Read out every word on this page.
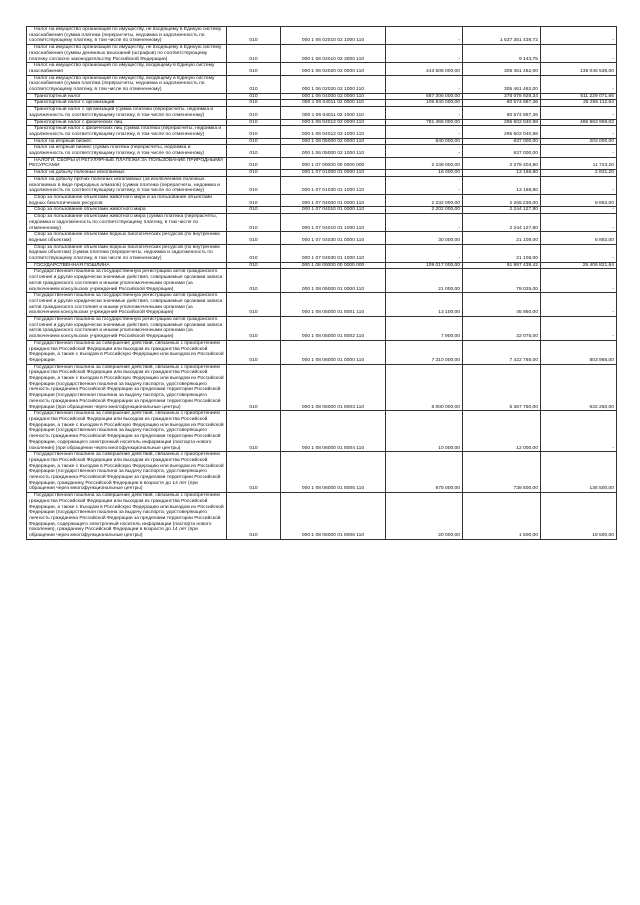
Налог на имущество организаций по имуществу, не входящему в Единую систему газоснабжения (сумма платежа (перерасчеты, недоимка и задолженность по соответствующему платежу, в том числе по отмененному)	010	000 1 06 02010 02 1000 110	-	1 537 351 438,72	-
Налог на имущество организаций по имуществу, не входящему в Единую систему газоснабжения (суммы денежных взысканий (штрафов) по соответствующему платежу согласно законодательству Российской Федерации)	010	000 1 06 02010 02 3000 110	-	9 143,75	-
Налог на имущество организаций по имуществу, входящему в Единую систему газоснабжения	010	000 1 06 02020 02 0000 110	443 508 000,00	305 461 462,00	138 046 538,00
Налог на имущество организаций по имуществу, входящему в Единую систему газоснабжения (сумма платежа (перерасчеты, недоимка и задолженность по соответствующему платежу, в том числе по отмененному)	010	000 1 06 02020 02 1000 110	-	305 461 462,00	-
Транспортный налог	010	000 1 06 04000 02 0000 110	887 306 000,00	376 076 928,34	511 229 071,66
Транспортный налог с организаций	010	000 1 06 04011 02 0000 110	105 840 000,00	80 574 887,36	25 265 112,64
Транспортный налог с организаций (сумма платежа (перерасчеты, недоимка и задолженность по соответствующему платежу, в том числе по отмененному)	010	000 1 06 04011 02 1000 110	-	80 574 887,36	-
Транспортный налог с физических лиц	010	000 1 06 04012 02 0000 110	781 466 000,00	295 502 040,98	485 963 959,02
Транспортный налог с физических лиц (сумма платежа (перерасчеты, недоимка и задолженность по соответствующему платежу, в том числе по отмененному)	010	000 1 06 04012 02 1000 110	-	295 502 040,98	-
Налог на игорный бизнес	010	000 1 06 05000 02 0000 110	840 000,00	637 000,00	203 000,00
Налог на игорный бизнес (сумма платежа (перерасчеты, недоимка и задолженность по соответствующему платежу, в том числе по отмененному)	010	000 1 06 05000 02 1000 110	-	637 000,00	-
НАЛОГИ, СБОРЫ И РЕГУЛЯРНЫЕ ПЛАТЕЖИ ЗА ПОЛЬЗОВАНИЕ ПРИРОДНЫМИ РЕСУРСАМИ	010	000 1 07 00000 00 0000 000	2 248 000,00	2 278 404,80	11 723,20
Налог на добычу полезных ископаемых	010	000 1 07 01000 01 0000 110	16 000,00	13 168,80	2 831,20
Налог на добычу прочих полезных ископаемых (за исключением полезных ископаемых в виде природных алмазов) (сумма платежа (перерасчеты, недоимка и задолженность по соответствующему платежу, в том числе по отмененному)	010	000 1 07 01030 01 1000 110	-	13 168,80	-
Сбор за пользование объектами животного мира и за пользование объектами водных биологических ресурсов	010	000 1 07 04000 01 0000 110	2 232 000,00	2 265 236,00	8 892,00
Сбор за пользование объектами животного мира	010	000 1 07 04010 01 0000 110	2 202 000,00	2 244 127,80	-
Сбор за пользование объектами животного мира (сумма платежа (перерасчеты, недоимка и задолженность по соответствующему платежу, в том числе по отмененному)	010	000 1 07 04010 01 1000 110	-	2 244 127,80	-
Сбор за пользование объектами водных биологических ресурсов (по внутренним водным объектам)	010	000 1 07 04030 01 0000 110	30 000,00	21 108,00	8 892,00
Сбор за пользование объектами водных биологических ресурсов (по внутренним водным объектам) (сумма платежа (перерасчеты, недоимка и задолженность по соответствующему платежу, в том числе по отмененному)	010	000 1 07 04030 01 1000 110	-	21 108,00	-
ГОСУДАРСТВЕННАЯ ПОШЛИНА	010	000 1 08 00000 00 0000 000	109 017 000,00	91 957 439,42	25 406 821,84
Государственная пошлина за государственную регистрацию актов гражданского состояния и другие юридически значимые действия, совершаемые органами записи актов гражданского состояния и иными уполномоченными органами (за исключением консульских учреждений Российской Федерации)	010	000 1 08 05000 01 0000 110	21 000,00	78 025,00	-
Государственная пошлина за государственную регистрацию актов гражданского состояния и другие юридически значимые действия, совершаемые органами записи актов гражданского состояния и иными уполномоченными органами (за исключением консульских учреждений Российской Федерации)	010	000 1 08 05000 01 8001 110	13 100,00	45 950,00	-
Государственная пошлина за государственную регистрацию актов гражданского состояния и другие юридически значимые действия, совершаемые органами записи актов гражданского состояния и иными уполномоченными органами (за исключением консульских учреждений Российской Федерации)	010	000 1 08 05000 01 8002 110	7 900,00	32 075,00	-
Государственная пошлина за совершение действий, связанных с приобретением гражданства Российской Федерации или выходом из гражданства Российской Федерации, а также с въездом в Российскую Федерацию или выездом из Российской Федерации	010	000 1 08 06000 01 0000 110	7 310 000,00	7 422 765,00	803 985,00
Государственная пошлина за совершение действий, связанных с приобретением гражданства Российской Федерации или выходом из гражданства Российской Федерации, а также с въездом в Российскую Федерацию или выездом из Российской Федерации (государственная пошлина за выдачу паспорта, удостоверяющего личность гражданина Российской Федерации за пределами территории Российской Федерации (государственная пошлина за выдачу паспорта, удостоверяющего личность гражданина Российской Федерации за пределами территории Российской Федерации (при обращении через многофункциональные центры)	010	000 1 08 06000 01 8003 110	6 000 000,00	5 367 750,00	632 250,00
Государственная пошлина за совершение действий, связанных с приобретением гражданства Российской Федерации или выходом из гражданства Российской Федерации, а также с въездом в Российскую Федерацию или выездом из Российской Федерации (государственная пошлина за выдачу паспорта, удостоверяющего личность гражданина Российской Федерации за пределами территории Российской Федерации, содержащего электронный носитель информации (паспорта нового поколения) (при обращении через многофункциональные центры)	010	000 1 08 06000 01 8004 110	10 000,00	12 000,00	-
Государственная пошлина за совершение действий, связанных с приобретением гражданства Российской Федерации или выходом из гражданства Российской Федерации, а также с въездом в Российскую Федерацию или выездом из Российской Федерации (государственная пошлина за выдачу паспорта, удостоверяющего личность гражданина Российской Федерации за пределами территории Российской Федерации, гражданину Российской Федерации в возрасте до 14 лет (при обращении через многофункциональные центры)	010	000 1 08 06000 01 8005 110	875 000,00	738 500,00	136 500,00
Государственная пошлина за совершение действий, связанных с приобретением гражданства Российской Федерации или выходом из гражданства Российской Федерации, а также с въездом в Российскую Федерацию или выездом из Российской Федерации (государственная пошлина за выдачу паспорта, удостоверяющего личность гражданина Российской Федерации за пределами территории Российской Федерации, содержащего электронный носитель информации (паспорта нового поколения), гражданину Российской Федерации в возрасте до 14 лет (при обращении через многофункциональные центры)	010	000 1 08 06000 01 8006 110	20 000,00	1 500,00	18 500,00
